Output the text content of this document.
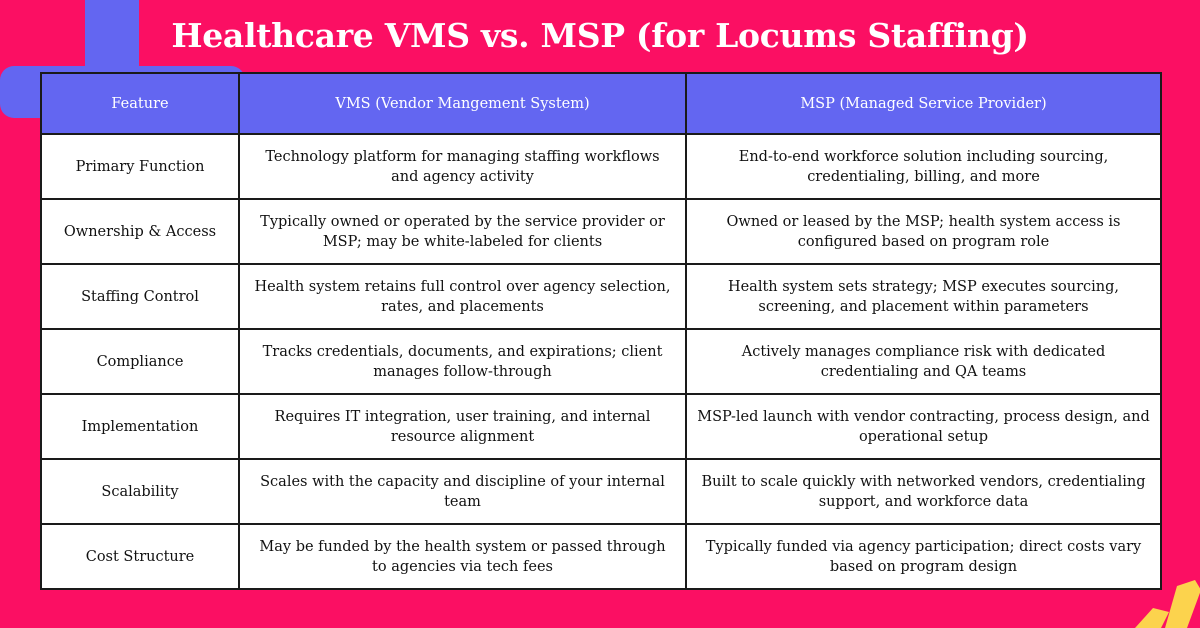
Healthcare VMS vs. MSP (for Locums Staffing)
Feature	VMS (Vendor Mangement System)	MSP (Managed Service Provider)
Primary Function	Technology platform for managing staffing workflows and agency activity	End-to-end workforce solution including sourcing, credentialing, billing, and more
Ownership & Access	Typically owned or operated by the service provider or MSP; may be white-labeled for clients	Owned or leased by the MSP; health system access is configured based on program role
Staffing Control	Health system retains full control over agency selection, rates, and placements	Health system sets strategy; MSP executes sourcing, screening, and placement within parameters
Compliance	Tracks credentials, documents, and expirations; client manages follow-through	Actively manages compliance risk with dedicated credentialing and QA teams
Implementation	Requires IT integration, user training, and internal resource alignment	MSP-led launch with vendor contracting, process design, and operational setup
Scalability	Scales with the capacity and discipline of your internal team	Built to scale quickly with networked vendors, credentialing support, and workforce data
Cost Structure	May be funded by the health system or passed through to agencies via tech fees	Typically funded via agency participation; direct costs vary based on program design
